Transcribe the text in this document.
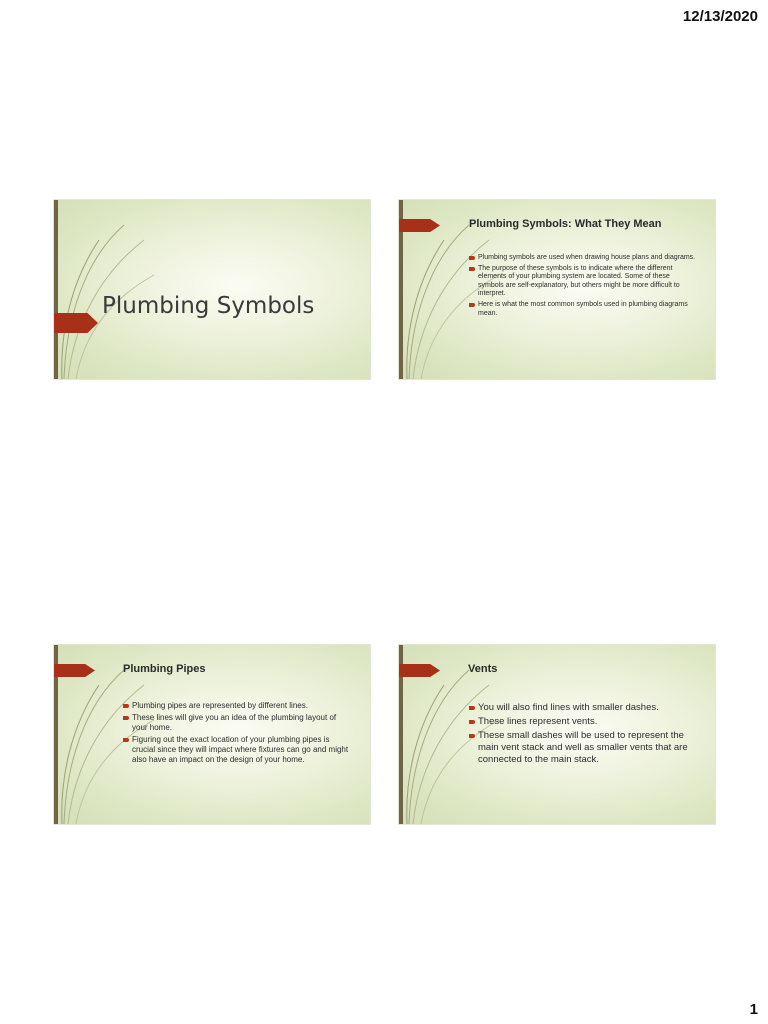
12/13/2020
Plumbing Symbols
Plumbing Symbols: What They Mean
Plumbing symbols are used when drawing house plans and diagrams.
The purpose of these symbols is to indicate where the different elements of your plumbing system are located. Some of these symbols are self-explanatory, but others might be more difficult to interpret.
Here is what the most common symbols used in plumbing diagrams mean.
Plumbing Pipes
Plumbing pipes are represented by different lines.
These lines will give you an idea of the plumbing layout of your home.
Figuring out the exact location of your plumbing pipes is crucial since they will impact where fixtures can go and might also have an impact on the design of your home.
Vents
You will also find lines with smaller dashes.
These lines represent vents.
These small dashes will be used to represent the main vent stack and well as smaller vents that are connected to the main stack.
1
